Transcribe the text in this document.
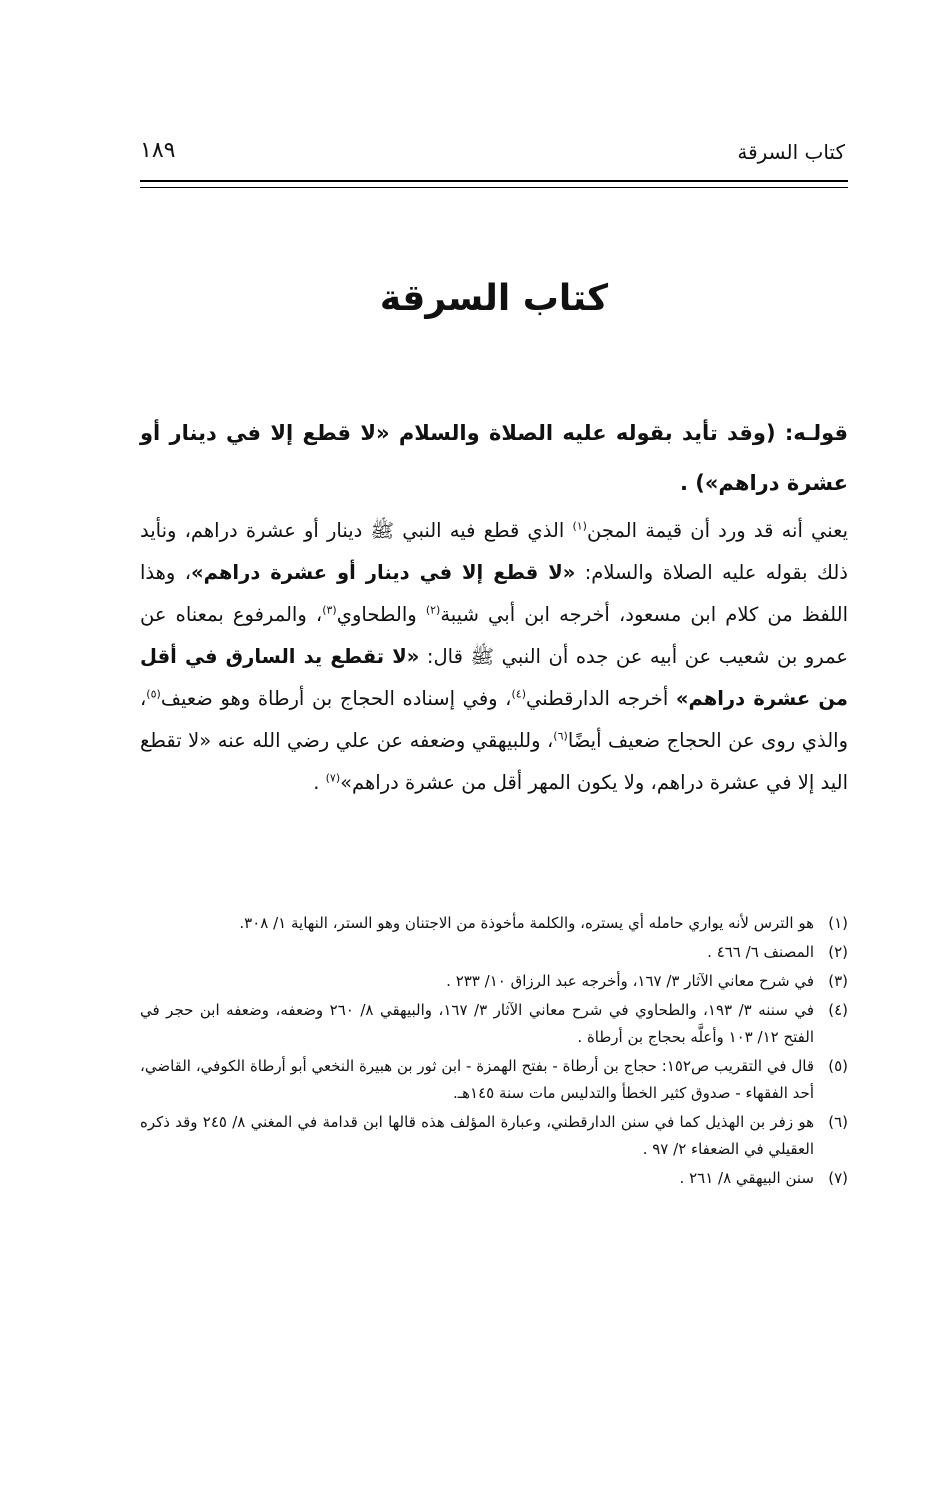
كتاب السرقة
١٨٩
كتاب السرقة
قولـه: (وقد تأيد بقوله عليه الصلاة والسلام «لا قطع إلا في دينار أو عشرة دراهم») .
يعني أنه قد ورد أن قيمة المجن$^{(١)}$ الذي قطع فيه النبي ﷺ دينار أو عشرة دراهم، ونأيد ذلك بقوله عليه الصلاة والسلام: «لا قطع إلا في دينار أو عشرة دراهم»، وهذا اللفظ من كلام ابن مسعود، أخرجه ابن أبي شيبة$^{(٢)}$ والطحاوي$^{(٣)}$، والمرفوع بمعناه عن عمرو بن شعيب عن أبيه عن جده أن النبي ﷺ قال: «لا تقطع يد السارق في أقل من عشرة دراهم» أخرجه الدارقطني$^{(٤)}$، وفي إسناده الحجاج بن أرطاة وهو ضعيف$^{(٥)}$، والذي روى عن الحجاج ضعيف أيضًا$^{(٦)}$، وللبيهقي وضعفه عن علي رضي الله عنه «لا تقطع اليد إلا في عشرة دراهم، ولا يكون المهر أقل من عشرة دراهم»$^{(٧)}$ .
(١)
هو الترس لأنه يواري حامله أي يستره، والكلمة مأخوذة من الاجتنان وهو الستر، النهاية ١/ ٣٠٨.
(٢)
المصنف ٦/ ٤٦٦ .
(٣)
في شرح معاني الآثار ٣/ ١٦٧، وأخرجه عبد الرزاق ١٠/ ٢٣٣ .
(٤)
في سننه ٣/ ١٩٣، والطحاوي في شرح معاني الآثار ٣/ ١٦٧، والبيهقي ٨/ ٢٦٠ وضعفه، وضعفه ابن حجر في الفتح ١٢/ ١٠٣ وأعلَّه بحجاج بن أرطاة .
(٥)
قال في التقريب ص١٥٢: حجاج بن أرطاة - بفتح الهمزة - ابن ثور بن هبيرة النخعي أبو أرطاة الكوفي، القاضي، أحد الفقهاء - صدوق كثير الخطأ والتدليس مات سنة ١٤٥هـ.
(٦)
هو زفر بن الهذيل كما في سنن الدارقطني، وعبارة المؤلف هذه قالها ابن قدامة في المغني ٨/ ٢٤٥ وقد ذكره العقيلي في الضعفاء ٢/ ٩٧ .
(٧)
سنن البيهقي ٨/ ٢٦١ .
